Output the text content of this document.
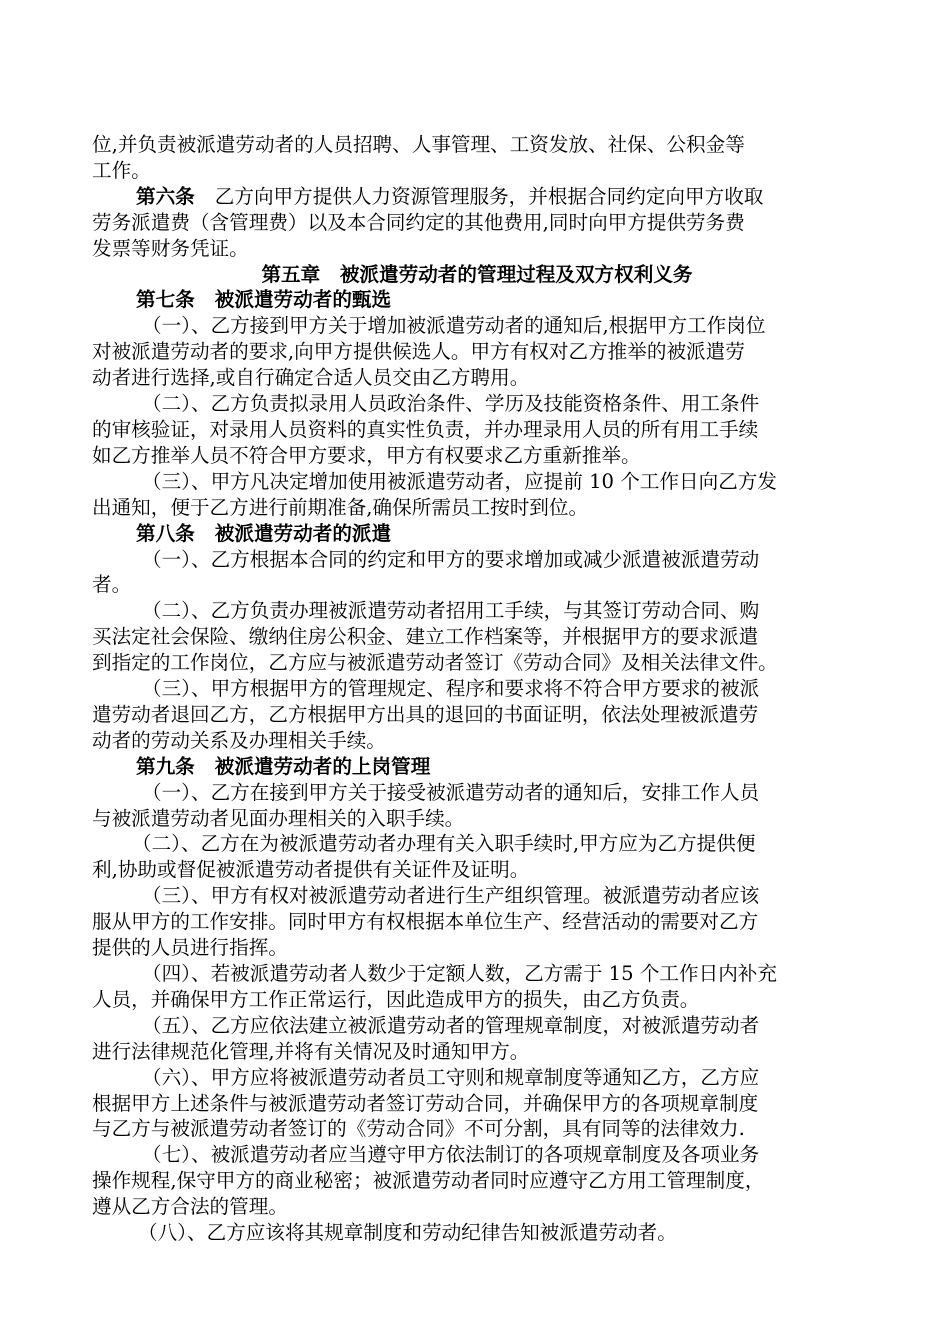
位,并负责被派遣劳动者的人员招聘、人事管理、工资发放、社保、公积金等

工作。

第六条 乙方向甲方提供人力资源管理服务，并根据合同约定向甲方收取

劳务派遣费（含管理费）以及本合同约定的其他费用,同时向甲方提供劳务费

发票等财务凭证。

第五章　被派遣劳动者的管理过程及双方权利义务

第七条 被派遣劳动者的甄选

（一）、乙方接到甲方关于增加被派遣劳动者的通知后,根据甲方工作岗位

对被派遣劳动者的要求,向甲方提供候选人。甲方有权对乙方推举的被派遣劳

动者进行选择,或自行确定合适人员交由乙方聘用。

（二）、乙方负责拟录用人员政治条件、学历及技能资格条件、用工条件

的审核验证，对录用人员资料的真实性负责，并办理录用人员的所有用工手续

如乙方推举人员不符合甲方要求，甲方有权要求乙方重新推举。

（三）、甲方凡决定增加使用被派遣劳动者，应提前 10 个工作日向乙方发

出通知，便于乙方进行前期准备,确保所需员工按时到位。

第八条 被派遣劳动者的派遣

（一）、乙方根据本合同的约定和甲方的要求增加或减少派遣被派遣劳动

者。

（二）、乙方负责办理被派遣劳动者招用工手续，与其签订劳动合同、购

买法定社会保险、缴纳住房公积金、建立工作档案等，并根据甲方的要求派遣

到指定的工作岗位，乙方应与被派遣劳动者签订《劳动合同》及相关法律文件。

（三）、甲方根据甲方的管理规定、程序和要求将不符合甲方要求的被派

遣劳动者退回乙方，乙方根据甲方出具的退回的书面证明，依法处理被派遣劳

动者的劳动关系及办理相关手续。

第九条 被派遣劳动者的上岗管理

（一）、乙方在接到甲方关于接受被派遣劳动者的通知后，安排工作人员

与被派遣劳动者见面办理相关的入职手续。

（二）、乙方在为被派遣劳动者办理有关入职手续时,甲方应为乙方提供便

利,协助或督促被派遣劳动者提供有关证件及证明。

（三）、甲方有权对被派遣劳动者进行生产组织管理。被派遣劳动者应该

服从甲方的工作安排。同时甲方有权根据本单位生产、经营活动的需要对乙方

提供的人员进行指挥。

（四）、若被派遣劳动者人数少于定额人数，乙方需于 15 个工作日内补充

人员，并确保甲方工作正常运行，因此造成甲方的损失，由乙方负责。

（五）、乙方应依法建立被派遣劳动者的管理规章制度，对被派遣劳动者

进行法律规范化管理,并将有关情况及时通知甲方。

（六）、甲方应将被派遣劳动者员工守则和规章制度等通知乙方，乙方应

根据甲方上述条件与被派遣劳动者签订劳动合同，并确保甲方的各项规章制度

与乙方与被派遣劳动者签订的《劳动合同》不可分割，具有同等的法律效力.

（七）、被派遣劳动者应当遵守甲方依法制订的各项规章制度及各项业务

操作规程,保守甲方的商业秘密；被派遣劳动者同时应遵守乙方用工管理制度，

遵从乙方合法的管理。

（八）、乙方应该将其规章制度和劳动纪律告知被派遣劳动者。
